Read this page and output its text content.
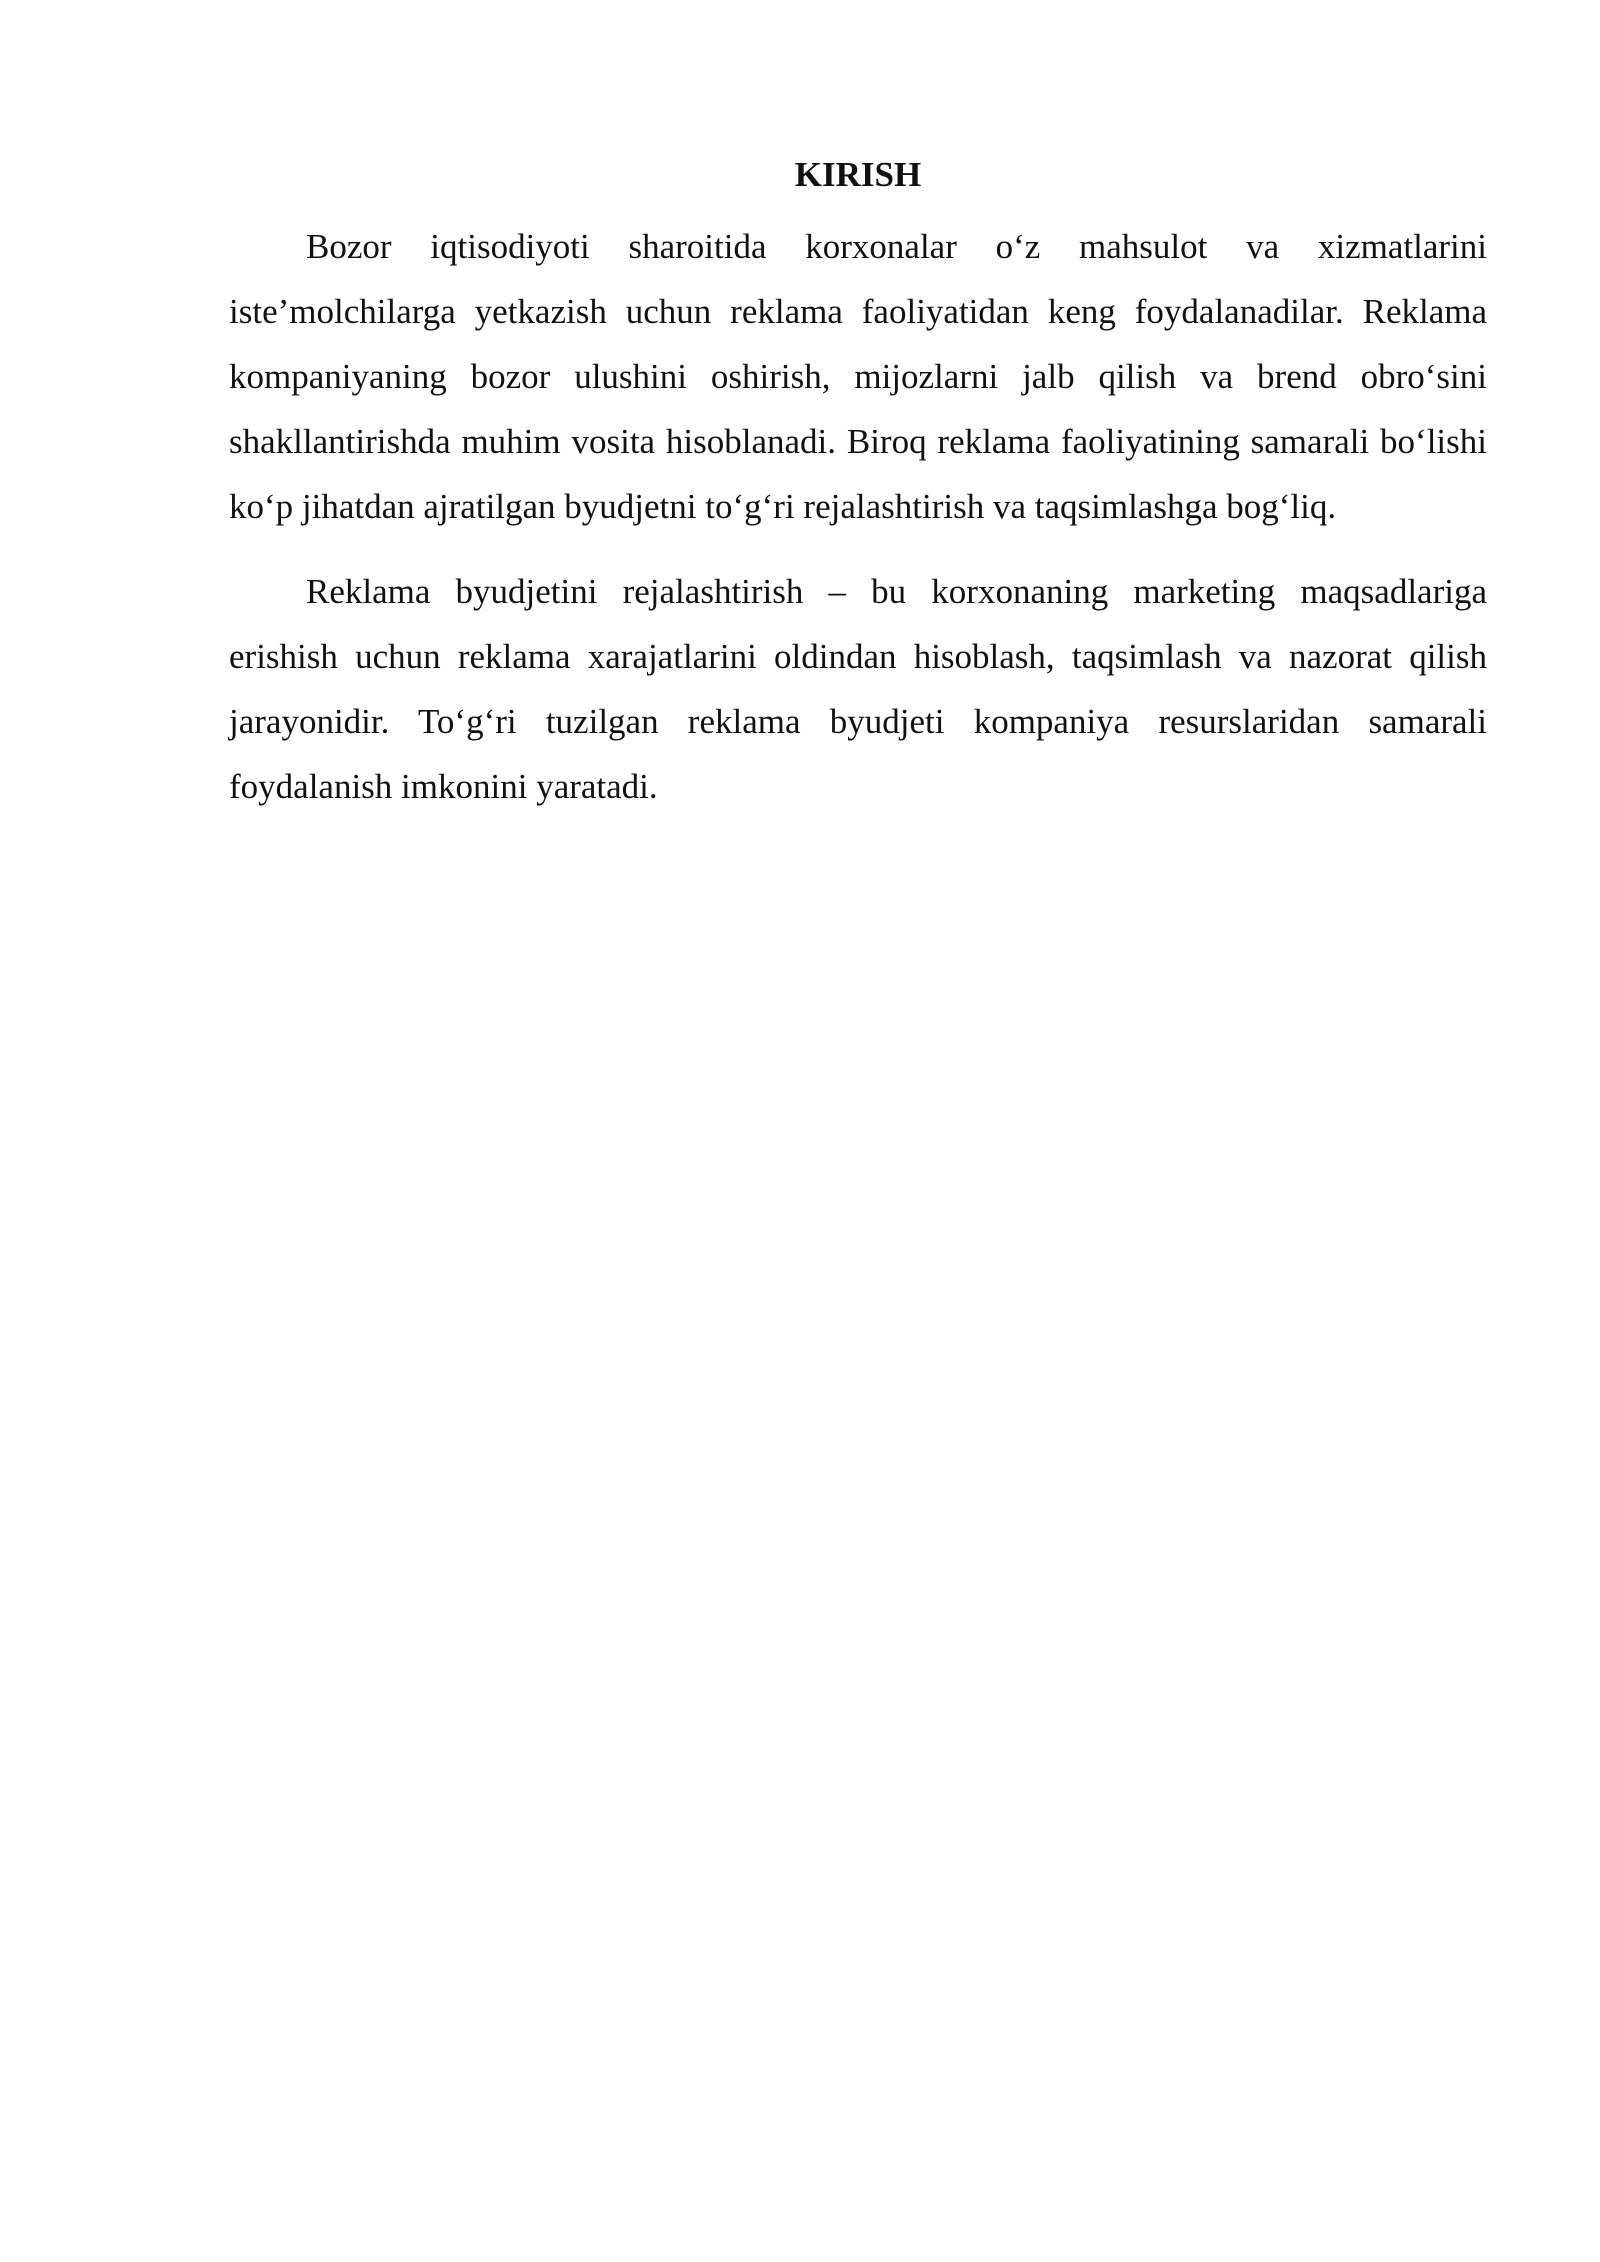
KIRISH

Bozor iqtisodiyoti sharoitida korxonalar o‘z mahsulot va xizmatlarini iste’molchilarga yetkazish uchun reklama faoliyatidan keng foydalanadilar. Reklama kompaniyaning bozor ulushini oshirish, mijozlarni jalb qilish va brend obro‘sini shakllantirishda muhim vosita hisoblanadi. Biroq reklama faoliyatining samarali bo‘lishi ko‘p jihatdan ajratilgan byudjetni to‘g‘ri rejalashtirish va taqsimlashga bog‘liq.

Reklama byudjetini rejalashtirish – bu korxonaning marketing maqsadlariga erishish uchun reklama xarajatlarini oldindan hisoblash, taqsimlash va nazorat qilish jarayonidir. To‘g‘ri tuzilgan reklama byudjeti kompaniya resurslaridan samarali foydalanish imkonini yaratadi.
